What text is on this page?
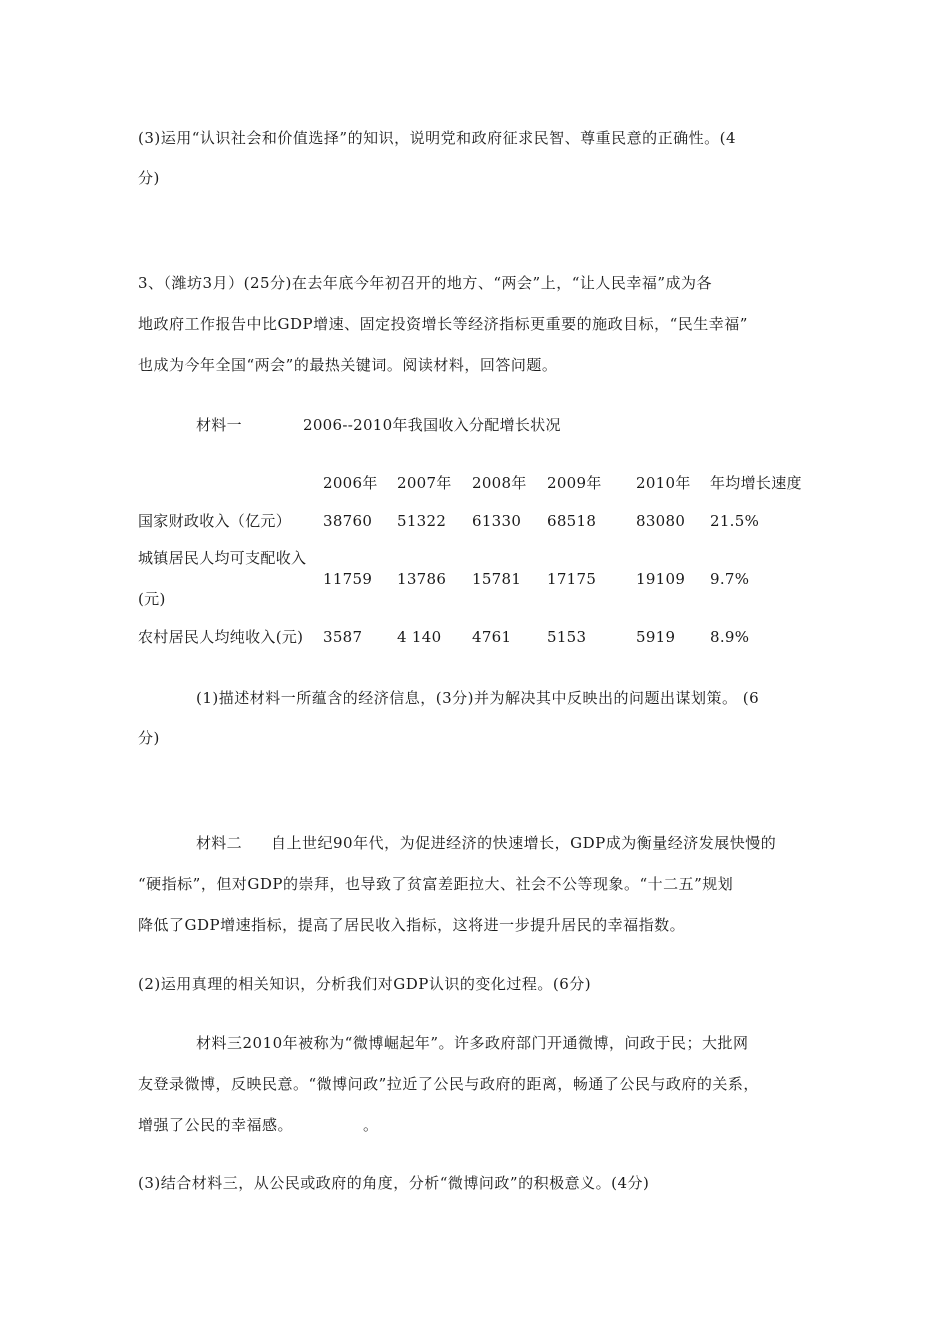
(3)运用“认识社会和价值选择”的知识，说明党和政府征求民智、尊重民意的正确性。(4
分)
3、（潍坊3月）(25分)在去年底今年初召开的地方、“两会”上，“让人民幸福”成为各
地政府工作报告中比GDP增速、固定投资增长等经济指标更重要的施政目标，“民生幸福”
也成为今年全国“两会”的最热关键词。阅读材料，回答问题。
材料一	2006--2010年我国收入分配增长状况
2006年 2007年 2008年 2009年 2010年 年均增长速度
国家财政收入（亿元） 38760 51322 61330 68518	83080 21.5%
城镇居民人均可支配收入
(元)
11759 13786 15781 17175	19109 9.7%
农村居民人均纯收入(元) 3587 4 140 4761 5153	5919 8.9%
(1)描述材料一所蕴含的经济信息，(3分)并为解决其中反映出的问题出谋划策。 (6
分)
材料二 自上世纪90年代，为促进经济的快速增长，GDP成为衡量经济发展快慢的
“硬指标”，但对GDP的崇拜，也导致了贫富差距拉大、社会不公等现象。“十二五”规划
降低了GDP增速指标，提高了居民收入指标，这将进一步提升居民的幸福指数。
(2)运用真理的相关知识，分析我们对GDP认识的变化过程。(6分)
材料三2010年被称为“微博崛起年”。许多政府部门开通微博，问政于民；大批网
友登录微博，反映民意。“微博问政”拉近了公民与政府的距离，畅通了公民与政府的关系，
增强了公民的幸福感。	。
(3)结合材料三，从公民或政府的角度，分析“微博问政”的积极意义。(4分)
